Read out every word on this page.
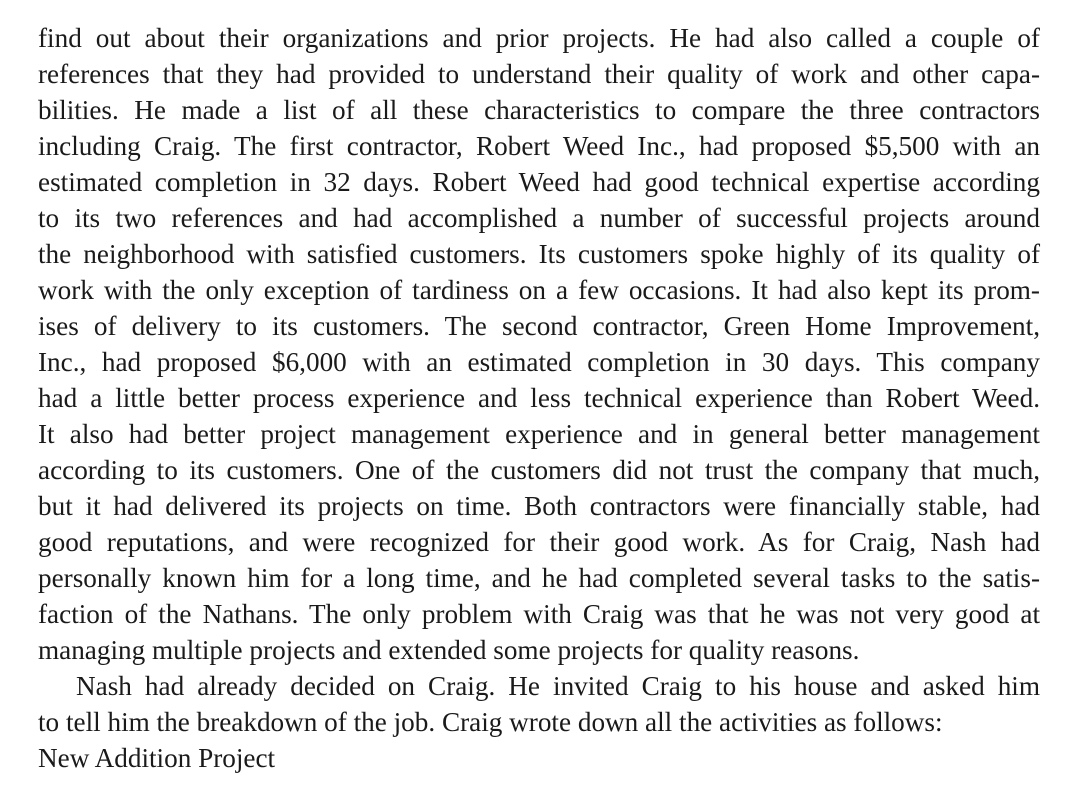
find out about their organizations and prior projects. He had also called a couple of
references that they had provided to understand their quality of work and other capa-
bilities. He made a list of all these characteristics to compare the three contractors
including Craig. The first contractor, Robert Weed Inc., had proposed $5,500 with an
estimated completion in 32 days. Robert Weed had good technical expertise according
to its two references and had accomplished a number of successful projects around
the neighborhood with satisfied customers. Its customers spoke highly of its quality of
work with the only exception of tardiness on a few occasions. It had also kept its prom-
ises of delivery to its customers. The second contractor, Green Home Improvement,
Inc., had proposed $6,000 with an estimated completion in 30 days. This company
had a little better process experience and less technical experience than Robert Weed.
It also had better project management experience and in general better management
according to its customers. One of the customers did not trust the company that much,
but it had delivered its projects on time. Both contractors were financially stable, had
good reputations, and were recognized for their good work. As for Craig, Nash had
personally known him for a long time, and he had completed several tasks to the satis-
faction of the Nathans. The only problem with Craig was that he was not very good at
managing multiple projects and extended some projects for quality reasons.
Nash had already decided on Craig. He invited Craig to his house and asked him
to tell him the breakdown of the job. Craig wrote down all the activities as follows:
New Addition Project
